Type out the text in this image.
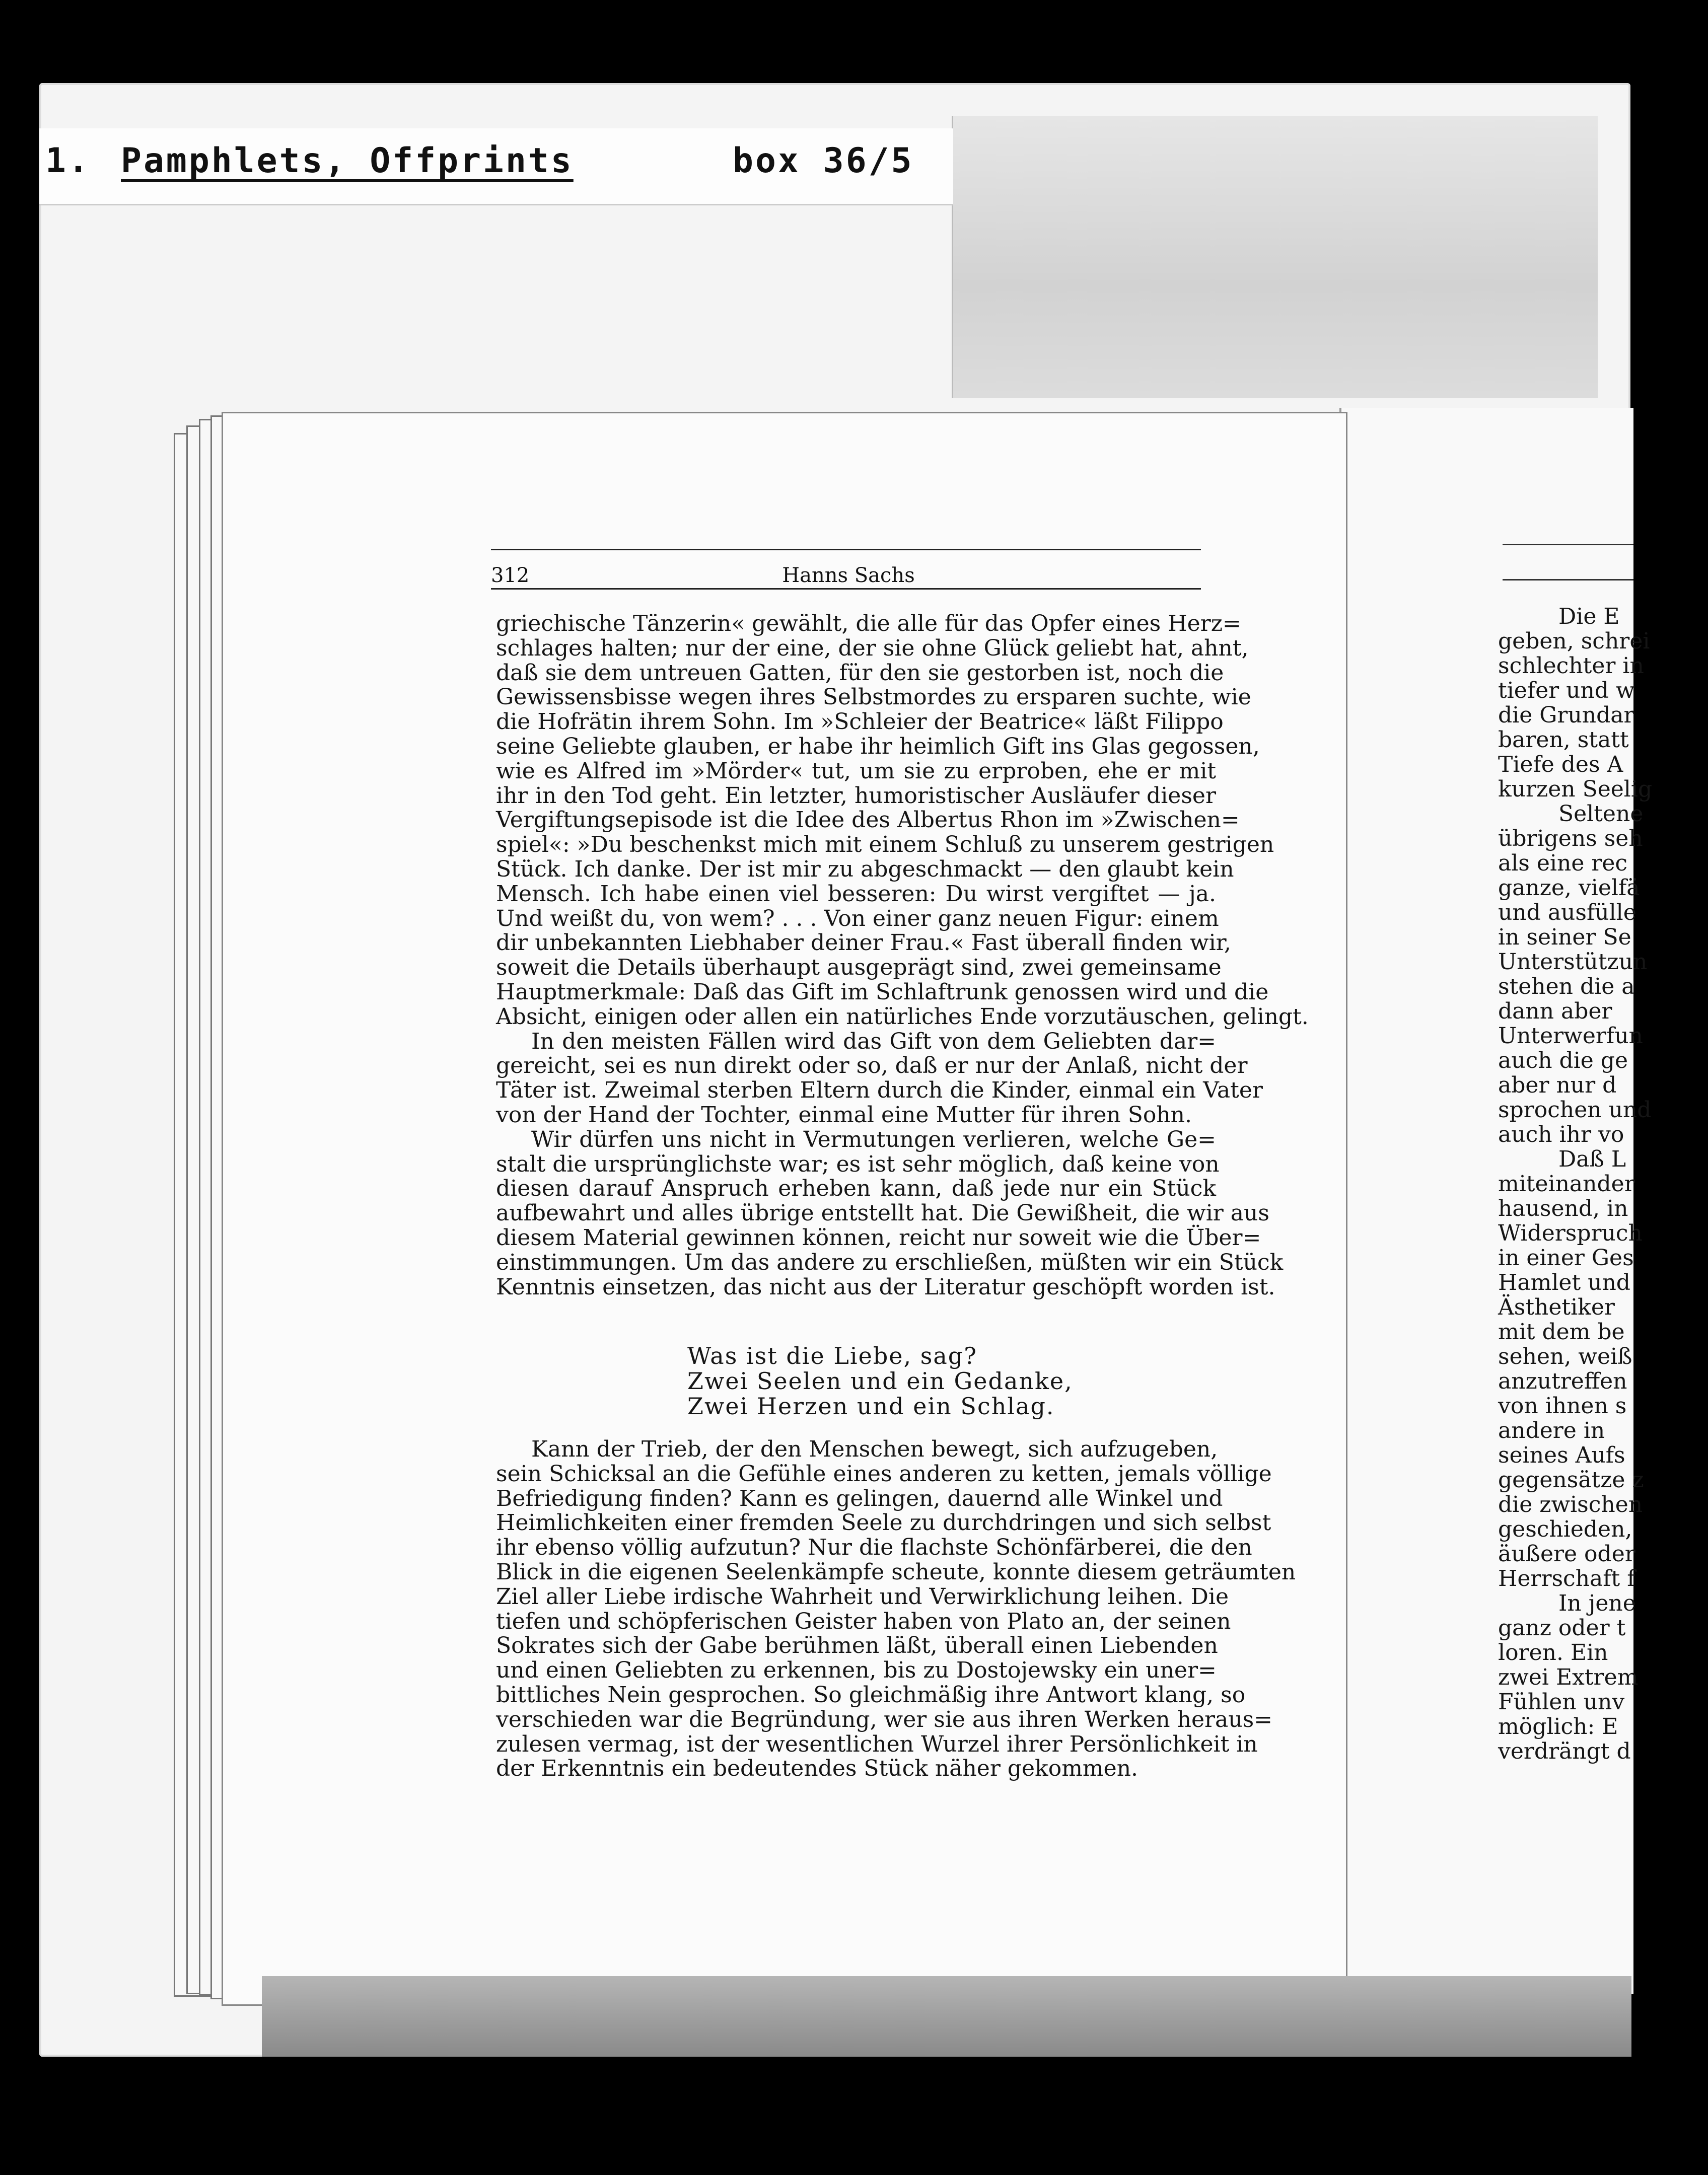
1. Pamphlets, Offprints	box 36/5
Die E
geben, schrei
schlechter in
tiefer und w
die Grundar
baren, statt
Tiefe des A
kurzen Seelig
Seltene
übrigens seh
als eine rec
ganze, vielfä
und ausfülle
in seiner Se
Unterstützun
stehen die a
dann aber
Unterwerfun
auch die ge
aber nur d
sprochen und
auch ihr vo
Daß L
miteinander
hausend, in
Widerspruch
in einer Ges
Hamlet und
Ästhetiker
mit dem be
sehen, weiß
anzutreffen
von ihnen s
andere in
seines Aufs
gegensätze z
die zwischen
geschieden,
äußere oder
Herrschaft f
In jene
ganz oder t
loren. Ein
zwei Extrem
Fühlen unv
möglich: E
verdrängt d
312	Hanns Sachs
griechische Tänzerin« gewählt, die alle für das Opfer eines Herz=
schlages halten; nur der eine, der sie ohne Glück geliebt hat, ahnt,
daß sie dem untreuen Gatten, für den sie gestorben ist, noch die
Gewissensbisse wegen ihres Selbstmordes zu ersparen suchte, wie
die Hofrätin ihrem Sohn. Im »Schleier der Beatrice« läßt Filippo
seine Geliebte glauben, er habe ihr heimlich Gift ins Glas gegossen,
wie es Alfred im »Mörder« tut, um sie zu erproben, ehe er mit
ihr in den Tod geht. Ein letzter, humoristischer Ausläufer dieser
Vergiftungsepisode ist die Idee des Albertus Rhon im »Zwischen=
spiel«: »Du beschenkst mich mit einem Schluß zu unserem gestrigen
Stück. Ich danke. Der ist mir zu abgeschmackt — den glaubt kein
Mensch. Ich habe einen viel besseren: Du wirst vergiftet — ja.
Und weißt du, von wem? . . . Von einer ganz neuen Figur: einem
dir unbekannten Liebhaber deiner Frau.« Fast überall finden wir,
soweit die Details überhaupt ausgeprägt sind, zwei gemeinsame
Hauptmerkmale: Daß das Gift im Schlaftrunk genossen wird und die
Absicht, einigen oder allen ein natürliches Ende vorzutäuschen, gelingt.
In den meisten Fällen wird das Gift von dem Geliebten dar=
gereicht, sei es nun direkt oder so, daß er nur der Anlaß, nicht der
Täter ist. Zweimal sterben Eltern durch die Kinder, einmal ein Vater
von der Hand der Tochter, einmal eine Mutter für ihren Sohn.
Wir dürfen uns nicht in Vermutungen verlieren, welche Ge=
stalt die ursprünglichste war; es ist sehr möglich, daß keine von
diesen darauf Anspruch erheben kann, daß jede nur ein Stück
aufbewahrt und alles übrige entstellt hat. Die Gewißheit, die wir aus
diesem Material gewinnen können, reicht nur soweit wie die Über=
einstimmungen. Um das andere zu erschließen, müßten wir ein Stück
Kenntnis einsetzen, das nicht aus der Literatur geschöpft worden ist.
Was ist die Liebe, sag?
Zwei Seelen und ein Gedanke,
Zwei Herzen und ein Schlag.
Kann der Trieb, der den Menschen bewegt, sich aufzugeben,
sein Schicksal an die Gefühle eines anderen zu ketten, jemals völlige
Befriedigung finden? Kann es gelingen, dauernd alle Winkel und
Heimlichkeiten einer fremden Seele zu durchdringen und sich selbst
ihr ebenso völlig aufzutun? Nur die flachste Schönfärberei, die den
Blick in die eigenen Seelenkämpfe scheute, konnte diesem geträumten
Ziel aller Liebe irdische Wahrheit und Verwirklichung leihen. Die
tiefen und schöpferischen Geister haben von Plato an, der seinen
Sokrates sich der Gabe berühmen läßt, überall einen Liebenden
und einen Geliebten zu erkennen, bis zu Dostojewsky ein uner=
bittliches Nein gesprochen. So gleichmäßig ihre Antwort klang, so
verschieden war die Begründung, wer sie aus ihren Werken heraus=
zulesen vermag, ist der wesentlichen Wurzel ihrer Persönlichkeit in
der Erkenntnis ein bedeutendes Stück näher gekommen.
